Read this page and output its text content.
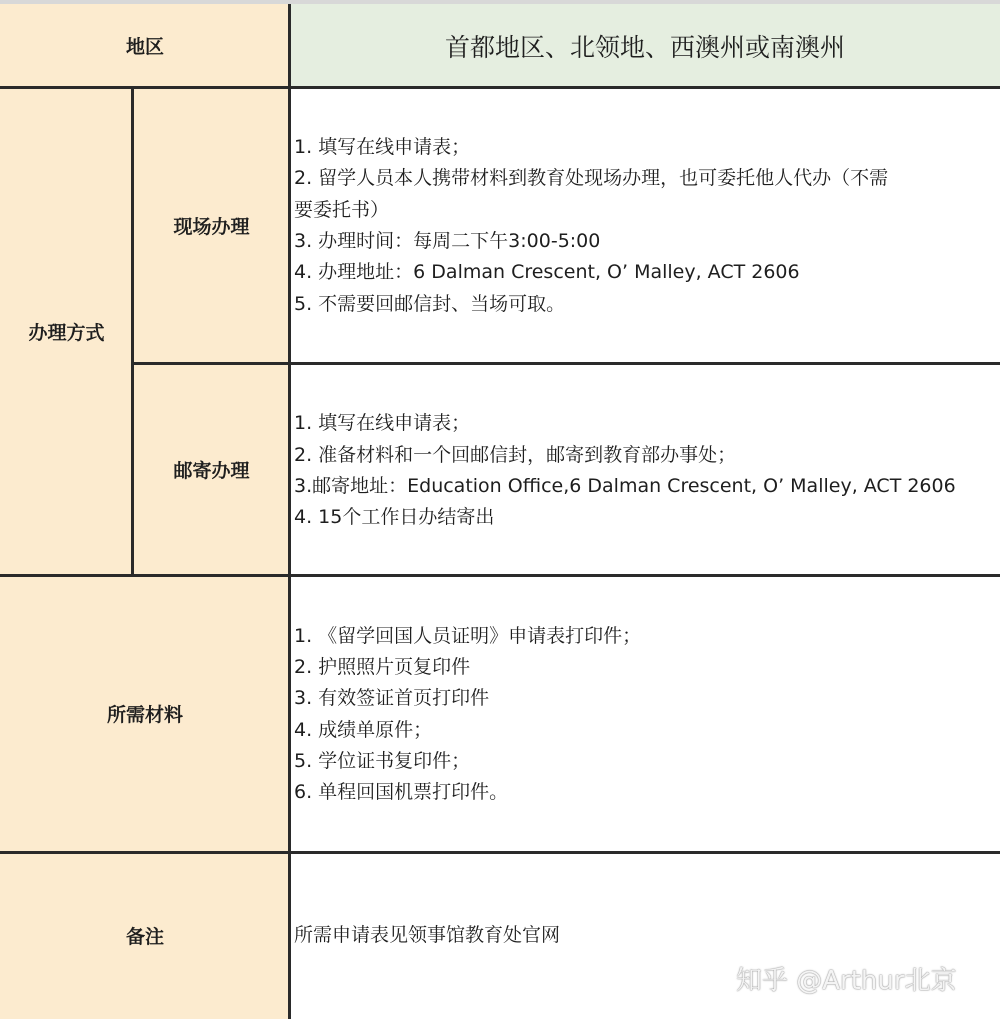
地区	首都地区、北领地、西澳州或南澳州
办理方式
现场办理
1. 填写在线申请表；
2. 留学人员本人携带材料到教育处现场办理，也可委托他人代办（不需
要委托书）
3. 办理时间：每周二下午3:00-5:00
4. 办理地址：6 Dalman Crescent, O’ Malley, ACT 2606
5. 不需要回邮信封、当场可取。
邮寄办理
1. 填写在线申请表；
2. 准备材料和一个回邮信封，邮寄到教育部办事处；
3.邮寄地址：Education Office,6 Dalman Crescent, O’ Malley, ACT 2606
4. 15个工作日办结寄出
所需材料
1. 《留学回国人员证明》申请表打印件；
2. 护照照片页复印件
3. 有效签证首页打印件
4. 成绩单原件；
5. 学位证书复印件；
6. 单程回国机票打印件。
备注	所需申请表见领事馆教育处官网
知乎 @Arthur北京
